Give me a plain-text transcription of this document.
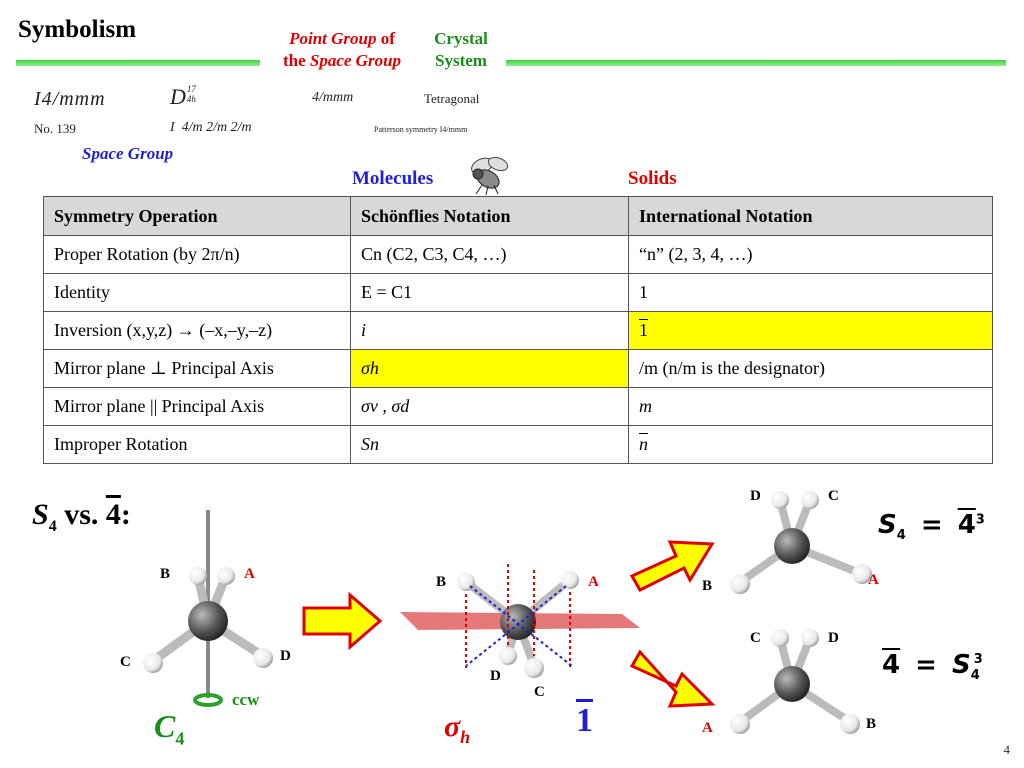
Symbolism	Point Group of
the Space Group
Crystal
System
I4/mmm	D 17
4h	4/mmm	Tetragonal
No. 139	I  4/m 2/m 2/m	Patterson symmetry I4/mmm
Space Group
Molecules	Solids
Symmetry Operation	Schönflies Notation	International Notation
Proper Rotation (by 2π/n)	Cn (C2, C3, C4, …)	“n” (2, 3, 4, …)
Identity	E = C1	1
Inversion (x,y,z) → (–x,–y,–z)	i	1
Mirror plane ⊥ Principal Axis	σh	/m (n/m is the designator)
Mirror plane || Principal Axis	σv , σd	m
Improper Rotation	Sn	$\overline{n}$
$S_4$ vs. 4:
B	A
C	D
ccw
$C_4$
B	A
D
C
$\sigma_h$	1
D	C
B	A
C	D
A	B
$S_4 = 4^3$
$4 = S_4^3$
4
